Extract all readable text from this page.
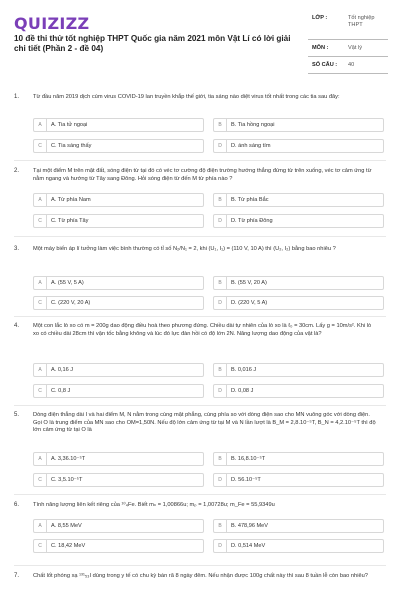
QUIZIZZ
10 đề thi thử tốt nghiệp THPT Quốc gia năm 2021 môn Vật Lí có lời giải chi tiết (Phần 2 - đề 04)
LỚP :	Tốt nghiệp THPT
MÔN :	Vật lý
SỐ CÂU : 40
1. Từ đầu năm 2019 dịch cúm virus COVID-19 lan truyền khắp thế giới, tia sáng nào diệt virus tốt nhất trong các tia sau đây:
A	A. Tia tử ngoại	B	B. Tia hồng ngoại
C	C. Tia sáng thấy	D	D. ánh sáng tím
2. Tại một điểm M trên mặt đất, sóng điện từ tại đó có véc tơ cường độ điện trường hướng thẳng đứng từ trên xuống, véc tơ cảm ứng từ nằm ngang và hướng từ Tây sang Đông. Hỏi sóng điện từ đến M từ phía nào ?
A	A. Từ phía Nam	B	B. Từ phía Bắc
C	C. Từ phía Tây	D	D. Từ phía Đông
3. Một máy biến áp lí tưởng làm việc bình thường có tỉ số N₂/N₁ = 2, khi (U₁, I₁) = (110 V, 10 A) thì (U₂, I₂) bằng bao nhiêu ?
A	A. (55 V, 5 A)	B	B. (55 V, 20 A)
C	C. (220 V, 20 A)	D	D. (220 V, 5 A)
4. Một con lắc lò xo có m = 200g dao động điều hoà theo phương đứng. Chiều dài tự nhiên của lò xo là ℓ₀ = 30cm. Lấy g = 10m/s². Khi lò xo có chiều dài 28cm thì vận tốc bằng không và lúc đó lực đàn hồi có độ lớn 2N. Năng lượng dao động của vật là?
A	A. 0,16 J	B	B. 0,016 J
C	C. 0,8 J	D	D. 0,08 J
5. Dòng điện thẳng dài I và hai điểm M, N nằm trong cùng mặt phẳng, cùng phía so với dòng điện sao cho MN vuông góc với dòng điện. Gọi O là trung điểm của MN sao cho OM=1,50N. Nếu độ lớn cảm ứng từ tại M và N lần lượt là B_M = 2,8.10⁻⁵T, B_N = 4,2.10⁻⁵T thì độ lớn cảm ứng từ tại O là
A	A. 3,36.10⁻⁵T	B	B. 16,8.10⁻⁵T
C	C. 3,5.10⁻⁵T	D	D. 56.10⁻⁵T
6. Tính năng lượng liên kết riêng của ¹⁰₄Fe. Biết mₙ = 1,00866u; mₚ = 1,00728u; m_Fe = 55,9349u
A	A. 8,55 MeV	B	B. 478,96 MeV
C	C. 18,42 MeV	D	D. 0,514 MeV
7. Chất lốt phóng xạ ¹³¹₅₃I dùng trong y tế có chu kỳ bán rã 8 ngày đêm. Nếu nhận được 100g chất này thì sau 8 tuần lễ còn bao nhiêu?
